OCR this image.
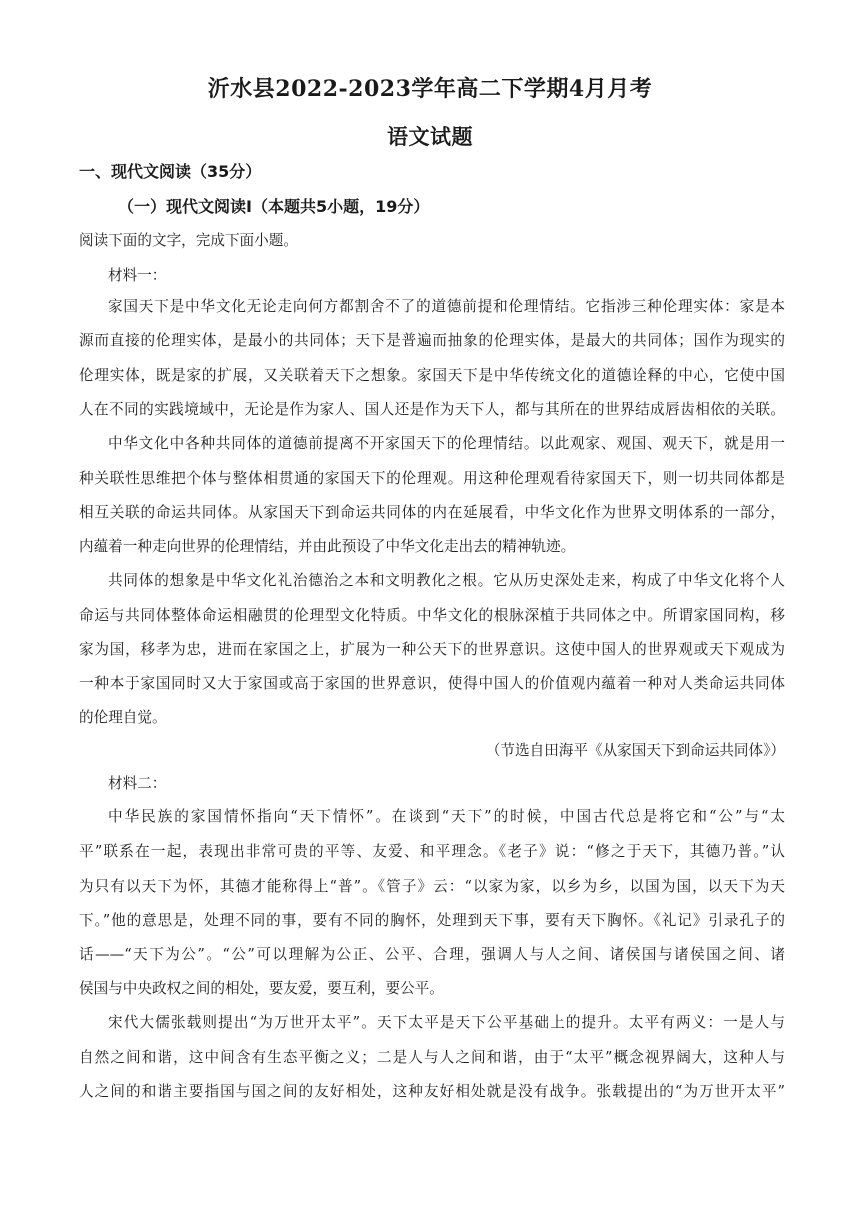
沂水县2022-2023学年高二下学期4月月考
语文试题
一、现代文阅读（35分）
（一）现代文阅读Ⅰ（本题共5小题，19分）
阅读下面的文字，完成下面小题。
材料一：
家国天下是中华文化无论走向何方都割舍不了的道德前提和伦理情结。它指涉三种伦理实体：家是本
源而直接的伦理实体，是最小的共同体；天下是普遍而抽象的伦理实体，是最大的共同体；国作为现实的
伦理实体，既是家的扩展，又关联着天下之想象。家国天下是中华传统文化的道德诠释的中心，它使中国
人在不同的实践境域中，无论是作为家人、国人还是作为天下人，都与其所在的世界结成唇齿相依的关联。
中华文化中各种共同体的道德前提离不开家国天下的伦理情结。以此观家、观国、观天下，就是用一
种关联性思维把个体与整体相贯通的家国天下的伦理观。用这种伦理观看待家国天下，则一切共同体都是
相互关联的命运共同体。从家国天下到命运共同体的内在延展看，中华文化作为世界文明体系的一部分，
内蕴着一种走向世界的伦理情结，并由此预设了中华文化走出去的精神轨迹。
共同体的想象是中华文化礼治德治之本和文明教化之根。它从历史深处走来，构成了中华文化将个人
命运与共同体整体命运相融贯的伦理型文化特质。中华文化的根脉深植于共同体之中。所谓家国同构，移
家为国，移孝为忠，进而在家国之上，扩展为一种公天下的世界意识。这使中国人的世界观或天下观成为
一种本于家国同时又大于家国或高于家国的世界意识，使得中国人的价值观内蕴着一种对人类命运共同体
的伦理自觉。
（节选自田海平《从家国天下到命运共同体》）
材料二：
中华民族的家国情怀指向“天下情怀”。在谈到“天下”的时候，中国古代总是将它和“公”与“太
平”联系在一起，表现出非常可贵的平等、友爱、和平理念。《老子》说：“修之于天下，其德乃普。”认
为只有以天下为怀，其德才能称得上“普”。《管子》云：“以家为家，以乡为乡，以国为国，以天下为天
下。”他的意思是，处理不同的事，要有不同的胸怀，处理到天下事，要有天下胸怀。《礼记》引录孔子的
话——“天下为公”。“公”可以理解为公正、公平、合理，强调人与人之间、诸侯国与诸侯国之间、诸
侯国与中央政权之间的相处，要友爱，要互利，要公平。
宋代大儒张载则提出“为万世开太平”。天下太平是天下公平基础上的提升。太平有两义：一是人与
自然之间和谐，这中间含有生态平衡之义；二是人与人之间和谐，由于“太平”概念视界阔大，这种人与
人之间的和谐主要指国与国之间的友好相处，这种友好相处就是没有战争。张载提出的“为万世开太平”
